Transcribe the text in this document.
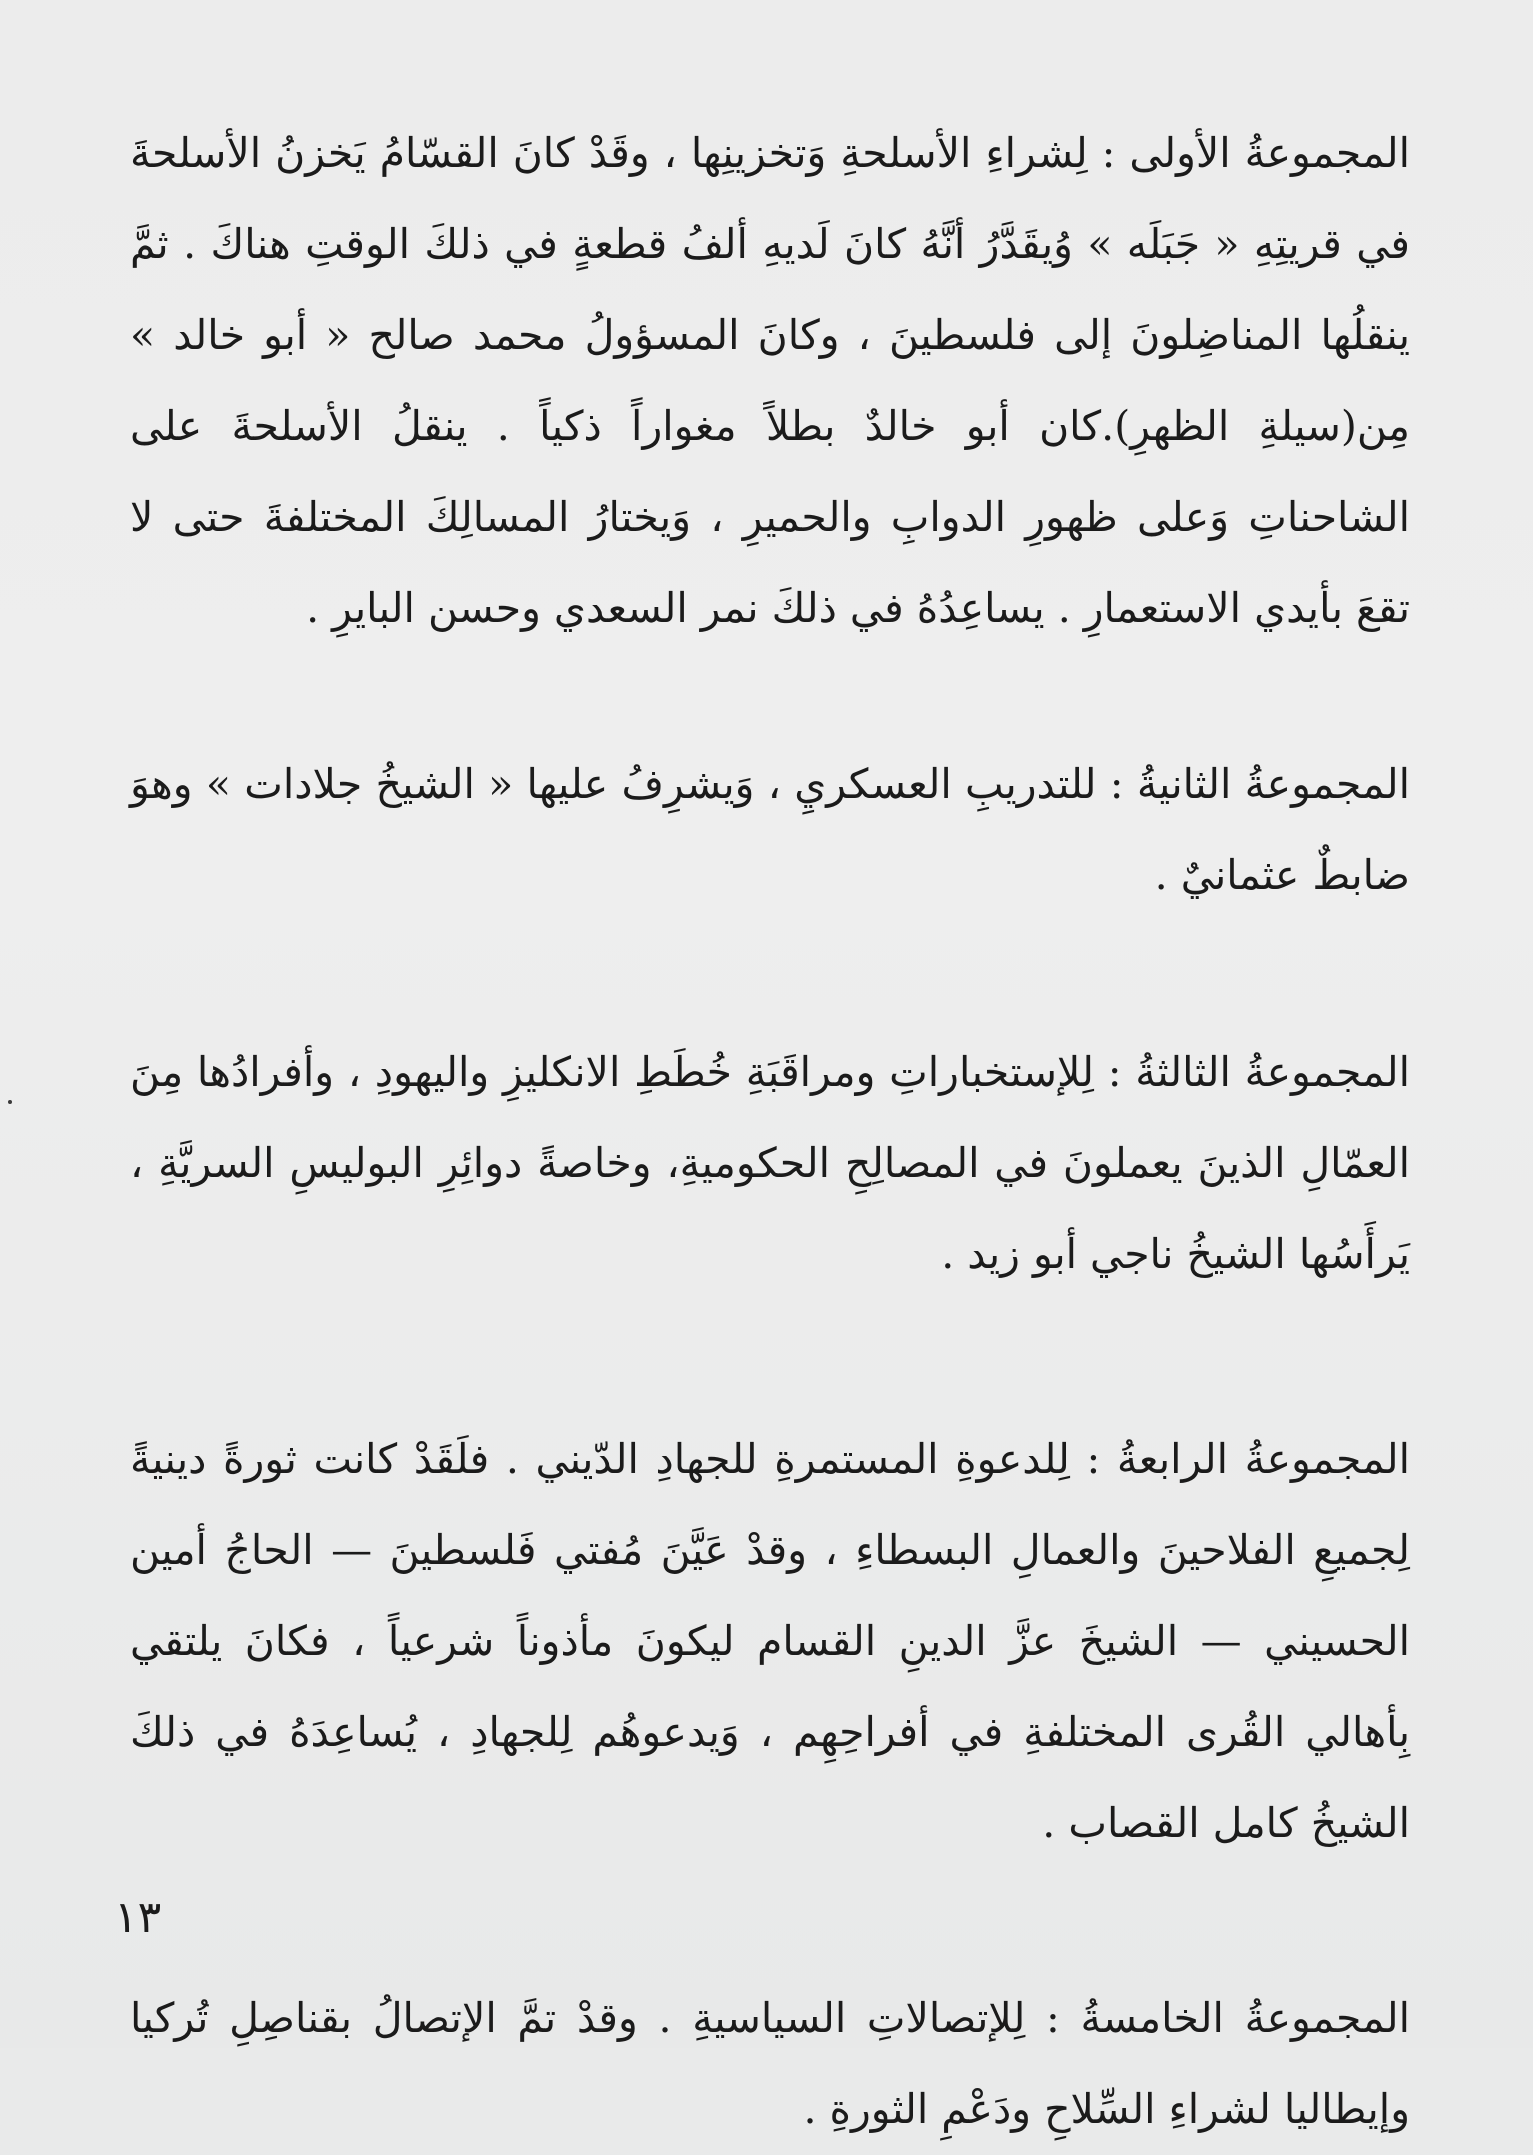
المجموعةُ الأولى : لِشراءِ الأسلحةِ وَتخزينِها ، وقَدْ كانَ القسّامُ يَخزنُ الأسلحةَ في قريتِهِ « جَبَلَه » وُيقَدَّرُ أنَّهُ كانَ لَديهِ ألفُ قطعةٍ في ذلكَ الوقتِ هناكَ . ثمَّ ينقلُها المناضِلونَ إلى فلسطينَ ، وكانَ المسؤولُ محمد صالح « أبو خالد » مِن(سيلةِ الظهرِ).كان أبو خالدٌ بطلاً مغواراً ذكياً . ينقلُ الأسلحةَ على الشاحناتِ وَعلى ظهورِ الدوابِ والحميرِ ، وَيختارُ المسالِكَ المختلفةَ حتى لا تقعَ بأيدي الاستعمارِ . يساعِدُهُ في ذلكَ نمر السعدي وحسن البايرِ .

المجموعةُ الثانيةُ : للتدريبِ العسكريِ ، وَيشرِفُ عليها « الشيخُ جلادات » وهوَ ضابطٌ عثمانيٌ .

المجموعةُ الثالثةُ : لِلإستخباراتِ ومراقَبَةِ خُطَطِ الانكليزِ واليهودِ ، وأفرادُها مِنَ العمّالِ الذينَ يعملونَ في المصالِحِ الحكوميةِ، وخاصةً دوائِرِ البوليسِ السريَّةِ ، يَرأَسُها الشيخُ ناجي أبو زيد .

المجموعةُ الرابعةُ : لِلدعوةِ المستمرةِ للجهادِ الدّيني . فلَقَدْ كانت ثورةً دينيةً لِجميعِ الفلاحينَ والعمالِ البسطاءِ ، وقدْ عَيَّنَ مُفتي فَلسطينَ — الحاجُ أمين الحسيني — الشيخَ عزَّ الدينِ القسام ليكونَ مأذوناً شرعياً ، فكانَ يلتقي بِأهالي القُرى المختلفةِ في أفراحِهِم ، وَيدعوهُم لِلجهادِ ، يُساعِدَهُ في ذلكَ الشيخُ كامل القصاب .

المجموعةُ الخامسةُ : لِلإتصالاتِ السياسيةِ . وقدْ تمَّ الإتصالُ بقناصِلِ تُركيا وإيطاليا لشراءِ السِّلاحِ ودَعْمِ الثورةِ .

١٣
